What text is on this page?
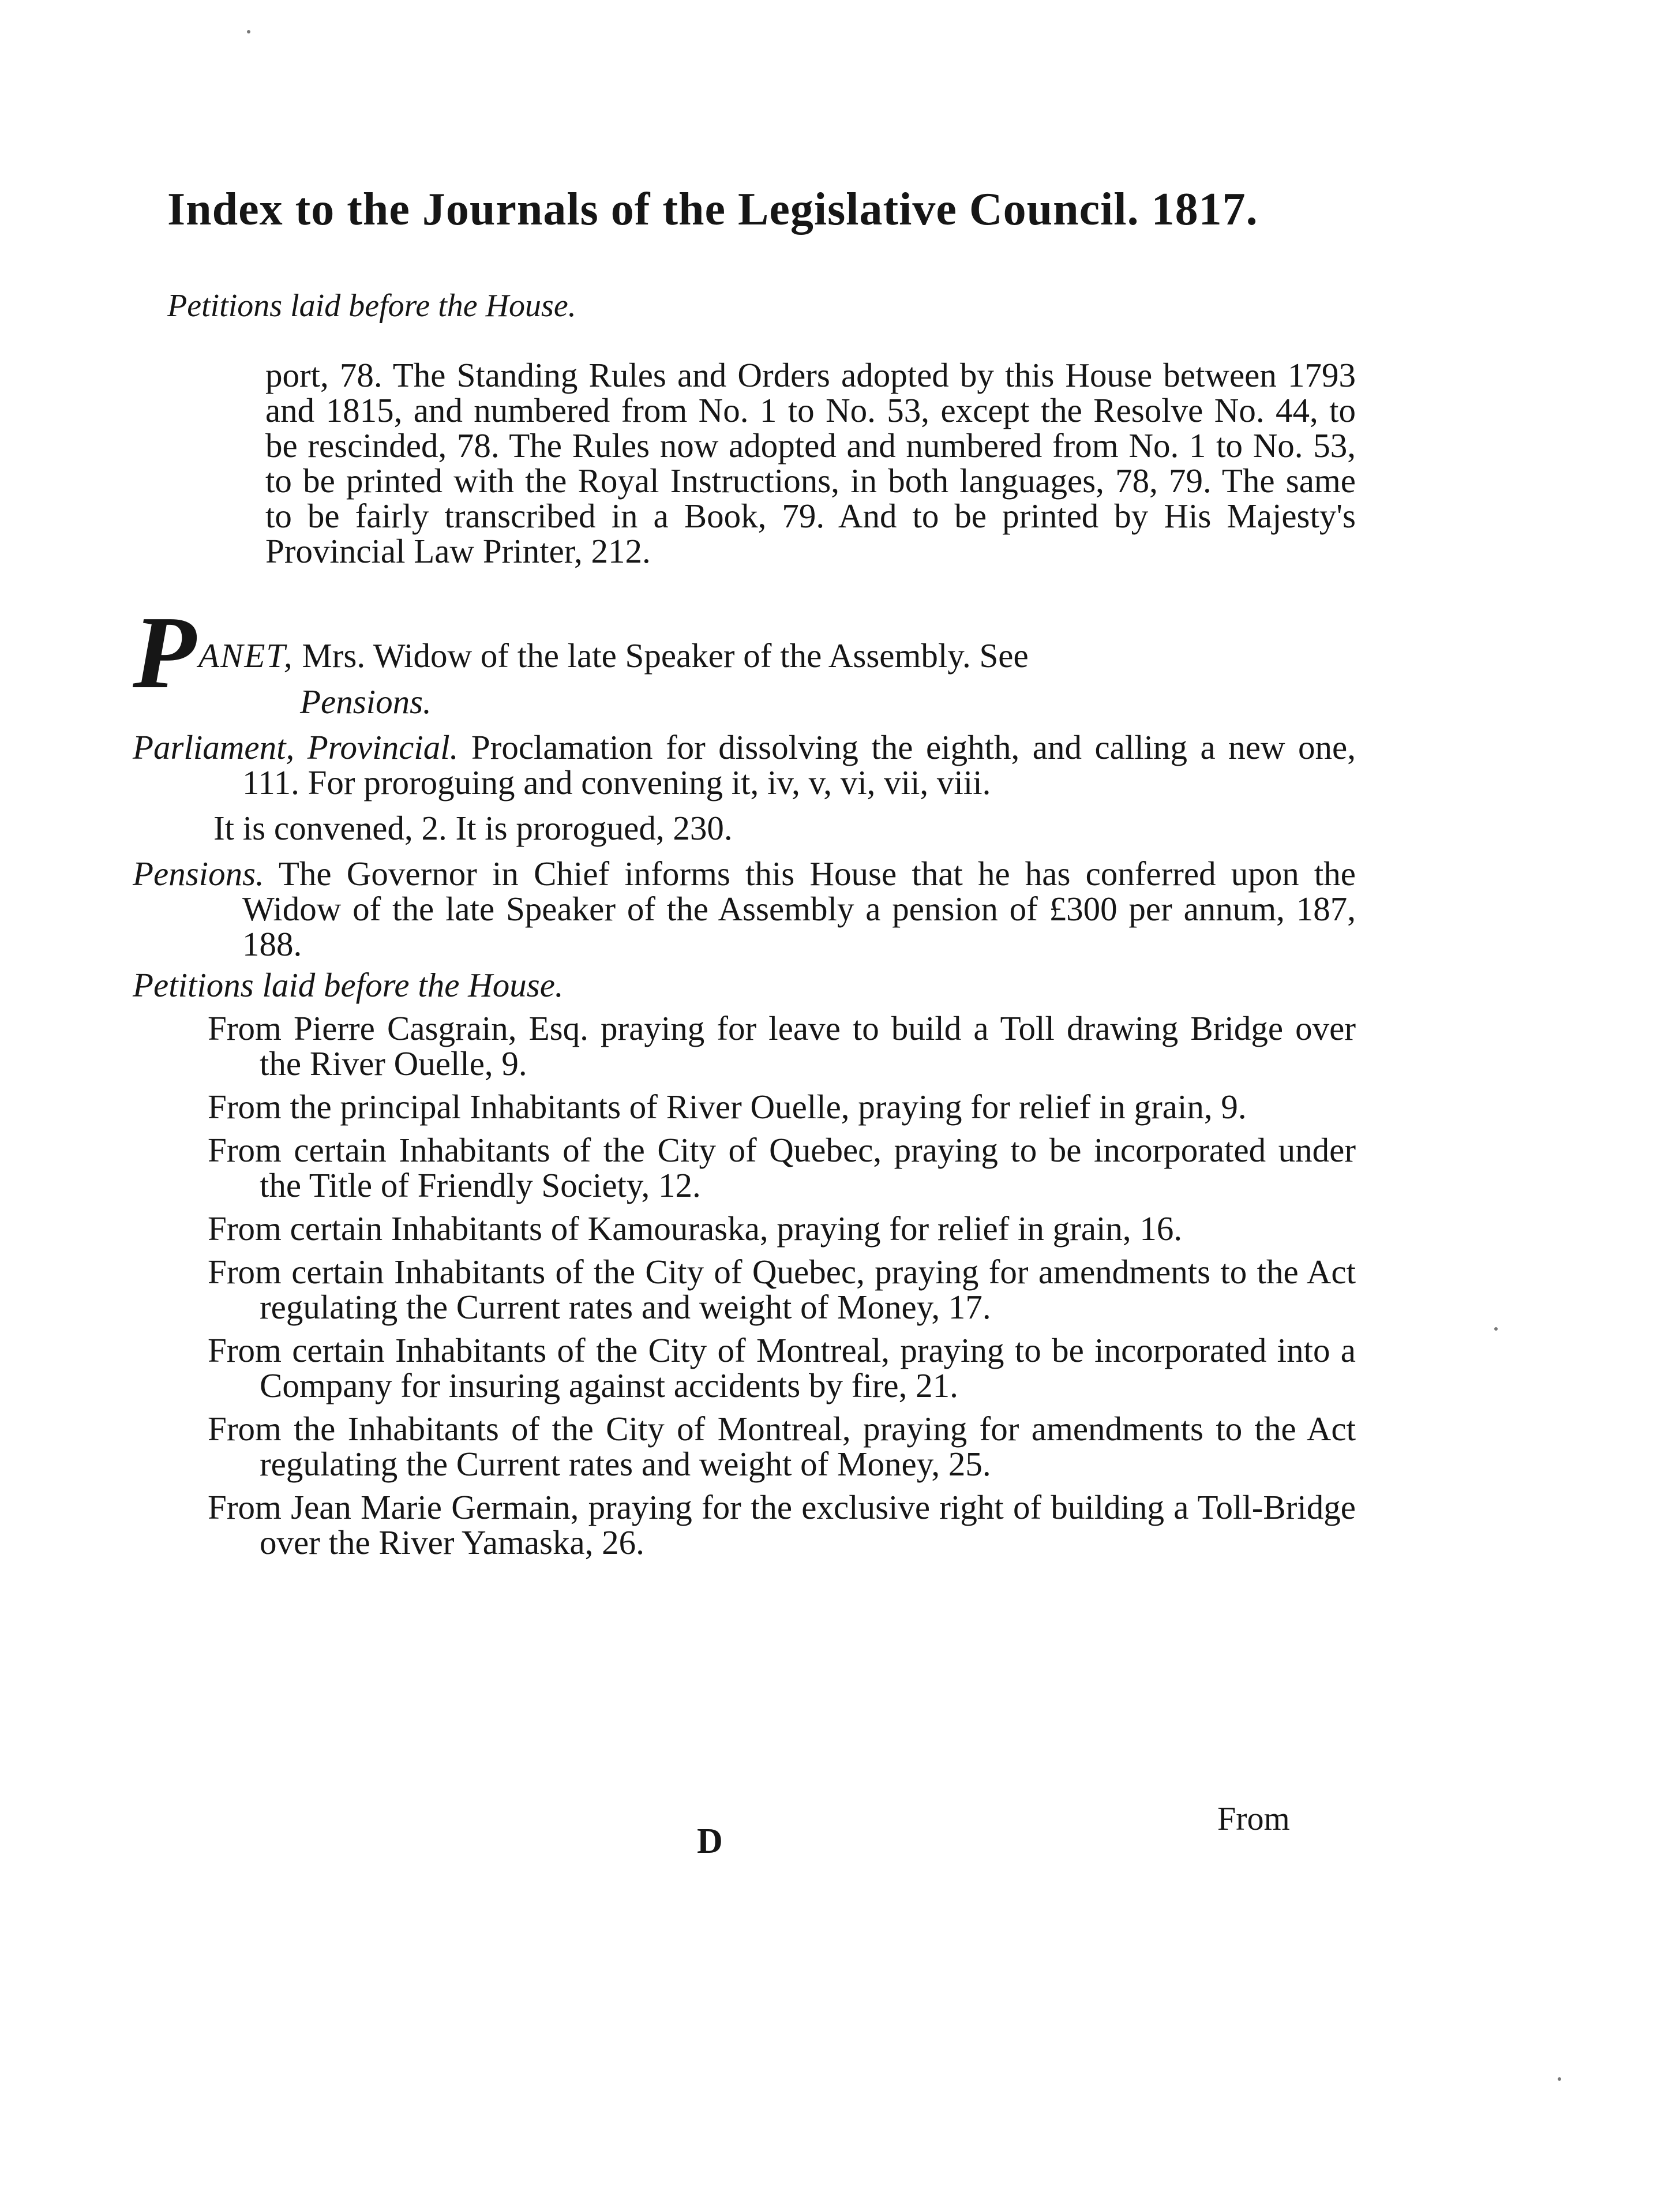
Index to the Journals of the Legislative Council. 1817.
Petitions laid before the House.

port, 78. The Standing Rules and Orders adopted by this House between 1793 and 1815, and numbered from No. 1 to No. 53, except the Resolve No. 44, to be rescinded, 78. The Rules now adopted and numbered from No. 1 to No. 53, to be printed with the Royal Instructions, in both languages, 78, 79. The same to be fairly transcribed in a Book, 79. And to be printed by His Majesty's Provincial Law Printer, 212.

PANET, Mrs. Widow of the late Speaker of the Assembly. See
Pensions.

Parliament, Provincial. Proclamation for dissolving the eighth, and calling a new one, 111. For proroguing and convening it, iv, v, vi, vii, viii.

It is convened, 2. It is prorogued, 230.

Pensions. The Governor in Chief informs this House that he has conferred upon the Widow of the late Speaker of the Assembly a pension of £300 per annum, 187, 188.

Petitions laid before the House.

From Pierre Casgrain, Esq. praying for leave to build a Toll drawing Bridge over the River Ouelle, 9.

From the principal Inhabitants of River Ouelle, praying for relief in grain, 9.

From certain Inhabitants of the City of Quebec, praying to be incorporated under the Title of Friendly Society, 12.

From certain Inhabitants of Kamouraska, praying for relief in grain, 16.

From certain Inhabitants of the City of Quebec, praying for amendments to the Act regulating the Current rates and weight of Money, 17.

From certain Inhabitants of the City of Montreal, praying to be incorporated into a Company for insuring against accidents by fire, 21.

From the Inhabitants of the City of Montreal, praying for amendments to the Act regulating the Current rates and weight of Money, 25.

From Jean Marie Germain, praying for the exclusive right of building a Toll-Bridge over the River Yamaska, 26.

From
D
